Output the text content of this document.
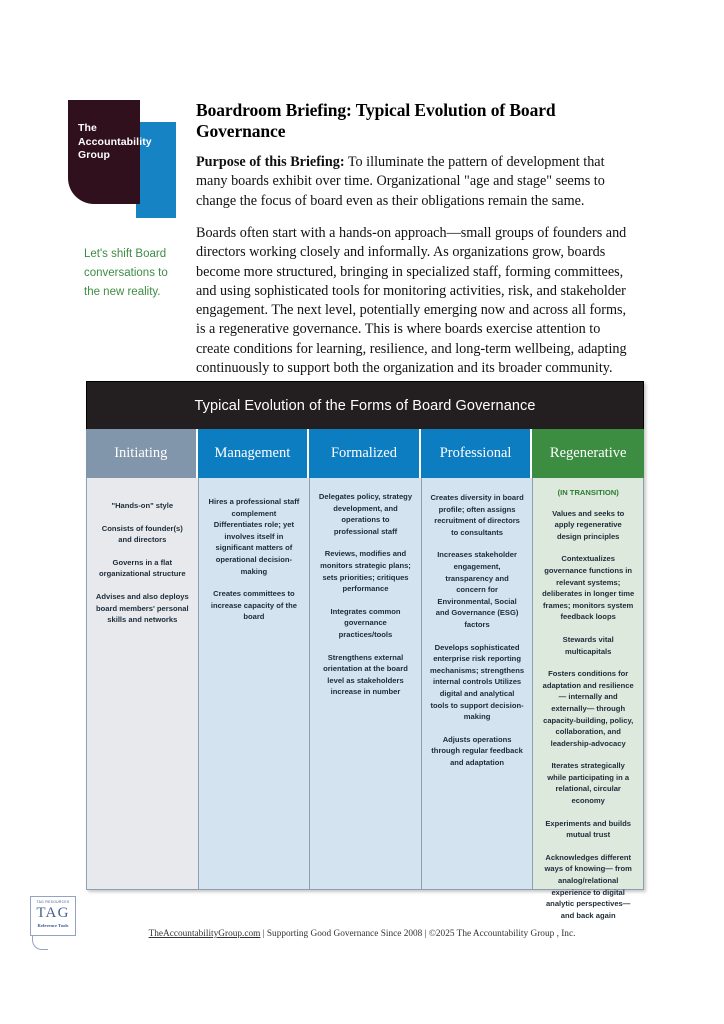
The
Accountability
Group
Let's shift Board conversations to the new reality.
Boardroom Briefing: Typical Evolution of Board Governance
Purpose of this Briefing: To illuminate the pattern of development that many boards exhibit over time. Organizational "age and stage" seems to change the focus of board even as their obligations remain the same.
Boards often start with a hands-on approach—small groups of founders and directors working closely and informally. As organizations grow, boards become more structured, bringing in specialized staff, forming committees, and using sophisticated tools for monitoring activities, risk, and stakeholder engagement. The next level, potentially emerging now and across all forms, is a regenerative governance. This is where boards exercise attention to create conditions for learning, resilience, and long-term wellbeing, adapting continuously to support both the organization and its broader community.
Typical Evolution of the Forms of Board Governance
Initiating

"Hands-on" style

Consists of founder(s) and directors

Governs in a flat organizational structure

Advises and also deploys board members' personal skills and networks

Management

Hires a professional staff complement Differentiates role; yet involves itself in significant matters of operational decision-making

Creates committees to increase capacity of the board

Formalized

Delegates policy, strategy development, and operations to professional staff

Reviews, modifies and monitors strategic plans; sets priorities; critiques performance

Integrates common governance practices/tools

Strengthens external orientation at the board level as stakeholders increase in number

Professional

Creates diversity in board profile; often assigns recruitment of directors to consultants

Increases stakeholder engagement, transparency and concern for Environmental, Social and Governance (ESG) factors

Develops sophisticated enterprise risk reporting mechanisms; strengthens internal controls Utilizes digital and analytical tools to support decision-making

Adjusts operations through regular feedback and adaptation

Regenerative

(IN TRANSITION)

Values and seeks to apply regenerative design principles

Contextualizes governance functions in relevant systems; deliberates in longer time frames; monitors system feedback loops

Stewards vital multicapitals

Fosters conditions for adaptation and resilience— internally and externally— through capacity-building, policy, collaboration, and leadership-advocacy

Iterates strategically while participating in a relational, circular economy

Experiments and builds mutual trust

Acknowledges different ways of knowing— from analog/relational experience to digital analytic perspectives— and back again

TAG RESOURCES
TAG
Reference Tools
TheAccountabilityGroup.com | Supporting Good Governance Since 2008 | ©2025 The Accountability Group , Inc.
